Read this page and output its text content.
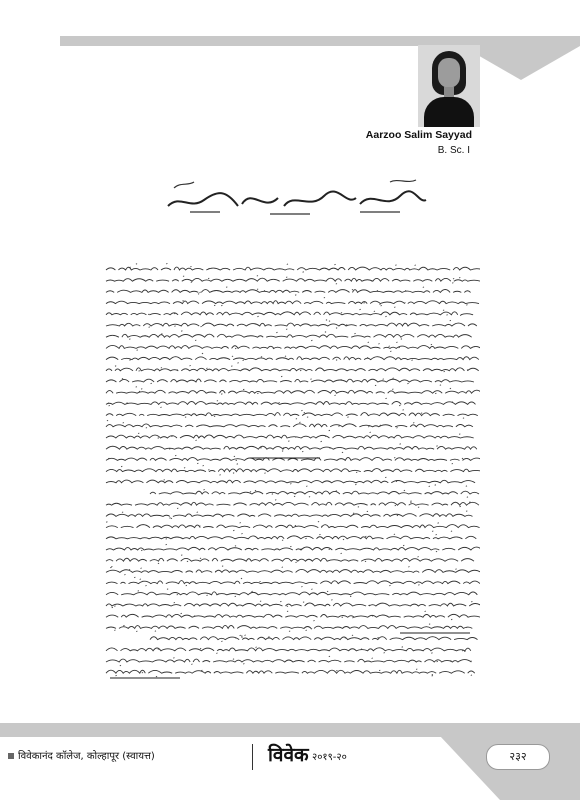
Aarzoo Salim Sayyad
B. Sc. I
विवेकानंद कॉलेज, कोल्हापूर (स्वायत्त)	विवेक २०१९-२०	२३२
